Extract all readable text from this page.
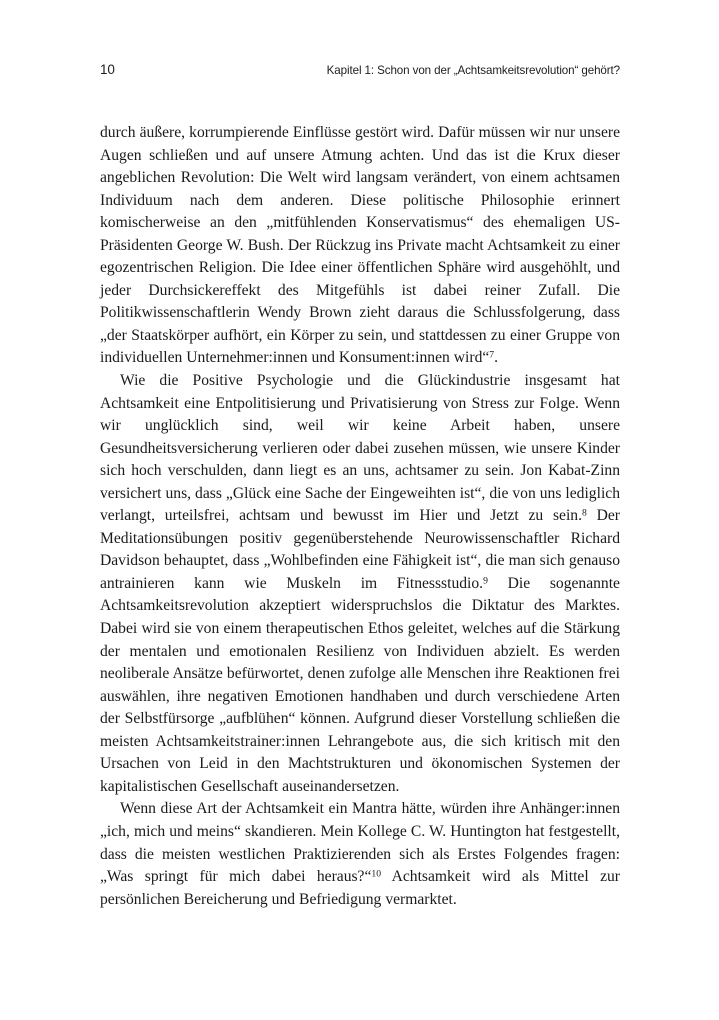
10	Kapitel 1: Schon von der „Achtsamkeitsrevolution“ gehört?

durch äußere, korrumpierende Einflüsse gestört wird. Dafür müssen wir nur unsere Augen schließen und auf unsere Atmung achten. Und das ist die Krux dieser angeblichen Revolution: Die Welt wird langsam verändert, von einem achtsamen Individuum nach dem anderen. Diese politische Philosophie erinnert komischerweise an den „mitfühlenden Konservatismus“ des ehemaligen US-Präsidenten George W. Bush. Der Rückzug ins Private macht Achtsamkeit zu einer egozentrischen Religion. Die Idee einer öffentlichen Sphäre wird ausgehöhlt, und jeder Durchsickereffekt des Mitgefühls ist dabei reiner Zufall. Die Politikwissenschaftlerin Wendy Brown zieht daraus die Schlussfolgerung, dass „der Staatskörper aufhört, ein Körper zu sein, und stattdessen zu einer Gruppe von individuellen Unternehmer:innen und Konsument:innen wird“$^7$.

Wie die Positive Psychologie und die Glückindustrie insgesamt hat Achtsamkeit eine Entpolitisierung und Privatisierung von Stress zur Folge. Wenn wir unglücklich sind, weil wir keine Arbeit haben, unsere Gesundheitsversicherung verlieren oder dabei zusehen müssen, wie unsere Kinder sich hoch verschulden, dann liegt es an uns, achtsamer zu sein. Jon Kabat-Zinn versichert uns, dass „Glück eine Sache der Eingeweihten ist“, die von uns lediglich verlangt, urteilsfrei, achtsam und bewusst im Hier und Jetzt zu sein.$^8$ Der Meditationsübungen positiv gegenüberstehende Neurowissenschaftler Richard Davidson behauptet, dass „Wohlbefinden eine Fähigkeit ist“, die man sich genauso antrainieren kann wie Muskeln im Fitnessstudio.$^9$ Die sogenannte Achtsamkeitsrevolution akzeptiert widerspruchslos die Diktatur des Marktes. Dabei wird sie von einem therapeutischen Ethos geleitet, welches auf die Stärkung der mentalen und emotionalen Resilienz von Individuen abzielt. Es werden neoliberale Ansätze befürwortet, denen zufolge alle Menschen ihre Reaktionen frei auswählen, ihre negativen Emotionen handhaben und durch verschiedene Arten der Selbstfürsorge „aufblühen“ können. Aufgrund dieser Vorstellung schließen die meisten Achtsamkeitstrainer:innen Lehrangebote aus, die sich kritisch mit den Ursachen von Leid in den Machtstrukturen und ökonomischen Systemen der kapitalistischen Gesellschaft auseinandersetzen.

Wenn diese Art der Achtsamkeit ein Mantra hätte, würden ihre Anhänger:innen „ich, mich und meins“ skandieren. Mein Kollege C. W. Huntington hat festgestellt, dass die meisten westlichen Praktizierenden sich als Erstes Folgendes fragen: „Was springt für mich dabei heraus?“$^{10}$ Achtsamkeit wird als Mittel zur persönlichen Bereicherung und Befriedigung vermarktet.
